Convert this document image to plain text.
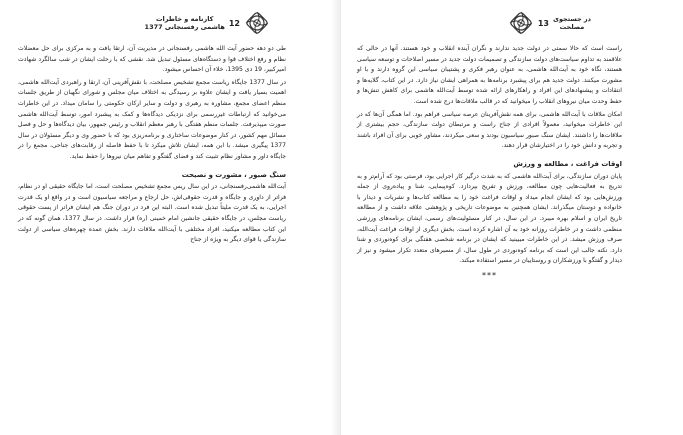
12
کارنامه و خاطرات
هاشمی رفسنجانی 1377

طی دو دهه حضور آیت الله هاشمی رفسنجانی در مدیریت آن، ارتقا یافت و به مرکزی برای حل معضلات نظام و رفع اختلاف قوا و دستگاه‌های مسئول تبدیل شد. نقشی که با رحلت ایشان در شب سالگرد شهادت امیرکبیر، 19 دی 1395، خلاء آن احساس میشود.

در سال 1377 جایگاه ریاست مجمع تشخیص مصلحت، با نقش‌آفرینی آن، ارتقا و راهبردی آیت‌الله هاشمی، اهمیت بسیار یافت و ایشان علاوه بر رسیدگی به اختلاف میان مجلس و شورای نگهبان از طریق جلسات منظم اعضای مجمع، مشاوره به رهبری و دولت و سایر ارکان حکومتی را سامان میداد. در این خاطرات می‌خوانید که ارتباطات غیررسمی برای نزدیکی دیدگاه‌ها و کمک به پیشبرد امور، توسط آیت‌الله هاشمی صورت میپذیرفت. جلسات منظم هفتگی با رهبر معظم انقلاب و رئیس جمهور، بیان دیدگاه‌ها و حل و فصل مسائل مهم کشور، در کنار موضوعات ساختاری و برنامه‌ریزی بود که با حضور وی و دیگر مسئولان در سال 1377 پیگیری میشد. با این همه، ایشان تلاش میکرد تا با حفظ فاصله از رقابت‌های جناحی، مجمع را در جایگاه داور و مشاور نظام تثبیت کند و فضای گفتگو و تفاهم میان نیروها را حفظ نماید.

سنگ صبور ، مشورت و نصیحت

آیت‌الله هاشمی‌رفسنجانی، در این سال ریس مجمع تشخیص مصلحت است، اما جایگاه حقیقی او در نظام، فراتر از داوری و جایگاه و قدرت حقوقی‌اش، حل ارجاع و مراجعه سیاسیون است و در واقع او یک قدرت اجرایی، به یک قدرت ملیتاً تبدیل شده است. البته این فرد در دوران جنگ هم ایشان فراتر از پست حقوقی ریاست مجلس، در جایگاه حقیقی جانشین امام خمینی (ره) قرار داشت. در سال 1377، همان گونه که در این کتاب مطالعه میکنید، افراد مختلفی با آیت‌الله ملاقات دارند. بخش عمده چهره‌های سیاسی از دولت سازندگی یا قوای دیگر به ویژه از جناح

در جستجوی
مصلحت
13

راست است که حالا سمتی در دولت جدید ندارند و نگران آینده انقلاب و خود هستند. آنها در حالی که علاقمند به تداوم سیاست‌های دولت سازندگی و تصمیمات دولت جدید در مسیر اصلاحات و توسعه سیاسی هستند، نگاه خود به آیت‌الله هاشمی، به عنوان رهبر فکری و پشتیبان سیاسی این گروه دارند و با او مشورت میکنند. دولت جدید هم برای پیشبرد برنامه‌ها به همراهی ایشان نیاز دارد. در این کتاب، گلایه‌ها و انتقادات و پیشنهادهای این افراد و راهکارهای ارائه شده توسط آیت‌الله هاشمی برای کاهش تنش‌ها و حفظ وحدت میان نیروهای انقلاب را میخوانید که در قالب ملاقات‌ها درج شده است.

امکان ملاقات با آیت‌الله هاشمی، برای همه نقش‌آفرینان عرصه سیاسی فراهم بود. اما همگی آن‌ها که در این خاطرات میخوانید، معمولاً افرادی از جناح راست و مرتبطان دولت سازندگی، حجم بیشتری از ملاقات‌ها را داشتند. ایشان سنگ صبور سیاسیون بودند و سعی میکردند، مشاور خوبی برای آن افراد باشند و تجربه و دانش خود را در اختیارشان قرار دهند.

اوقات فراغت ، مطالعه و ورزش

پایان دوران سازندگی، برای آیت‌الله هاشمی که به شدت درگیر کار اجرایی بود، فرصتی بود که آرام‌تر و به تدریج به فعالیت‌هایی چون مطالعه، ورزش و تفریح بپردازد. کوه‌پیمایی، شنا و پیاده‌روی از جمله ورزش‌هایی بود که ایشان انجام میداد و اوقات فراغت خود را به مطالعه کتاب‌ها و نشریات و دیدار با خانواده و دوستان میگذراند. ایشان همچنین به موضوعات تاریخی و پژوهشی علاقه داشت و از مطالعه تاریخ ایران و اسلام بهره میبرد. در این سال، در کنار مسئولیت‌های رسمی، ایشان برنامه‌های ورزشی منظمی داشت و در خاطرات روزانه خود به آن اشاره کرده است. بخش دیگری از اوقات فراغت آیت‌الله، صرف ورزش میشد. در این خاطرات میبینید که ایشان در برنامه شخصی هفتگی برای کوه‌نوردی و شنا دارد. نکته جالب این است که برنامه کوه‌نوردی در طول سال، از مسیرهای متعدد تکرار میشود و نیز از دیدار و گفتگو با ورزشکاران و روستاییان در مسیر استفاده میکند.

***
